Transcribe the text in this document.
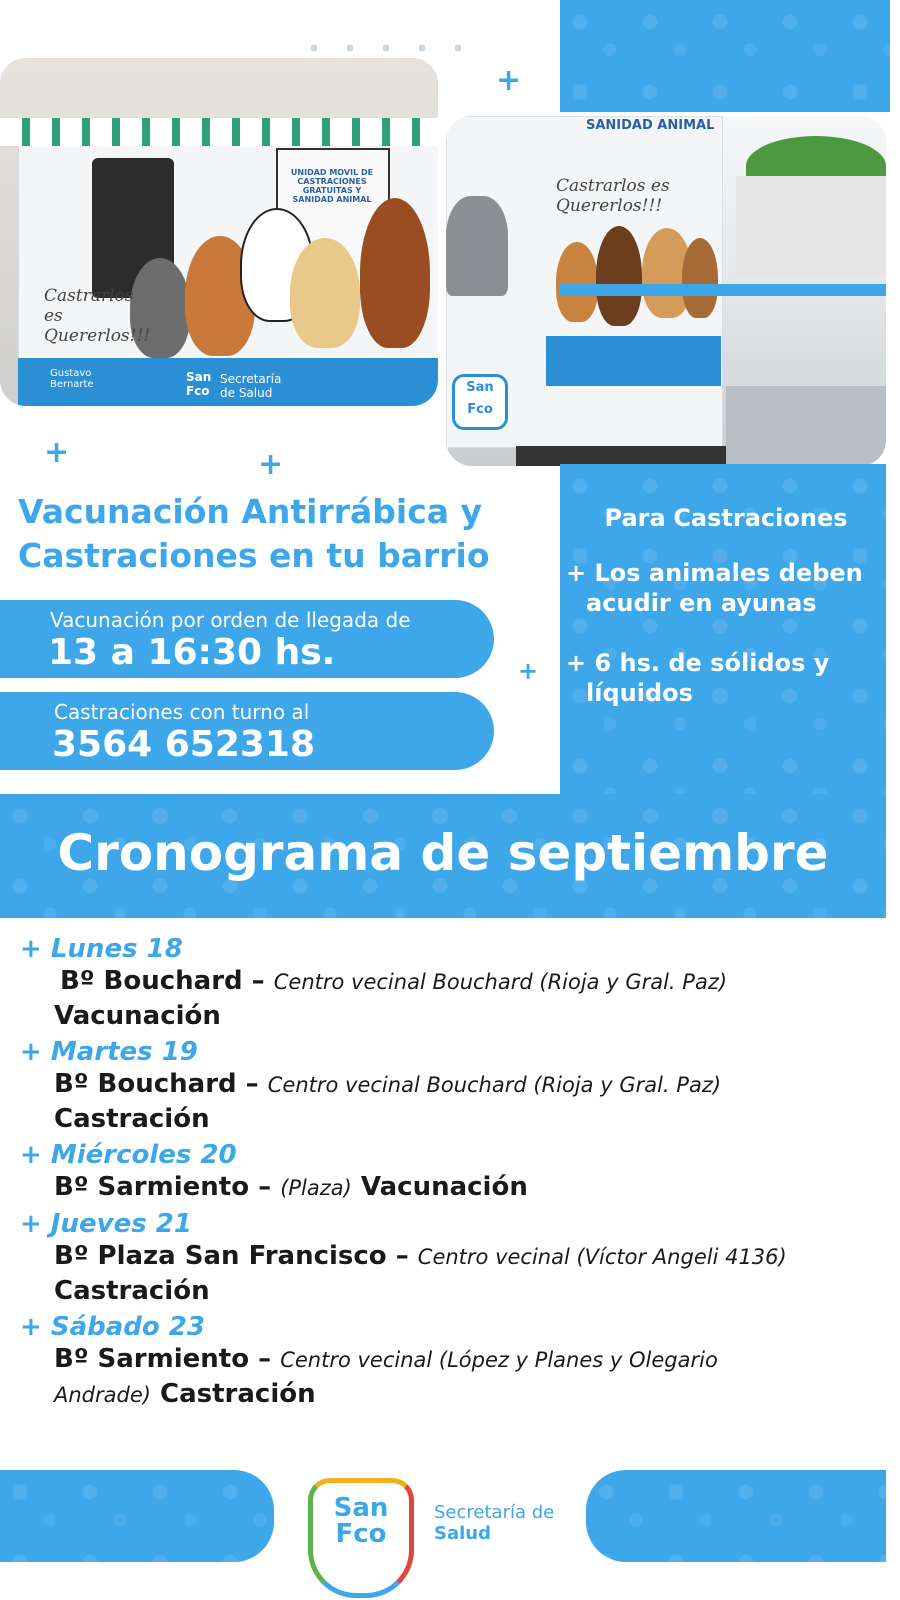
+
UNIDAD MOVIL DE CASTRACIONES GRATUITAS Y SANIDAD ANIMAL
Castrarlos es Quererlos!!!
Gustavo Bernarte
San Fco
Secretaría de Salud
SANIDAD ANIMAL
Castrarlos es Quererlos!!!
San Fco
+	+
+
Vacunación Antirrábica y
Castraciones en tu barrio
Vacunación por orden de llegada de
13 a 16:30 hs.
Castraciones con turno al
3564 652318
Para Castraciones
+ Los animales deben
acudir en ayunas
+ 6 hs. de sólidos y
líquidos
Cronograma de septiembre
+ Lunes 18
Bº Bouchard – Centro vecinal Bouchard (Rioja y Gral. Paz)
Vacunación
+ Martes 19
Bº Bouchard – Centro vecinal Bouchard (Rioja y Gral. Paz)
Castración
+ Miércoles 20
Bº Sarmiento – (Plaza) Vacunación
+ Jueves 21
Bº Plaza San Francisco – Centro vecinal (Víctor Angeli 4136)
Castración
+ Sábado 23
Bº Sarmiento – Centro vecinal (López y Planes y Olegario
Andrade) Castración
San
Fco
Secretaría de
Salud
